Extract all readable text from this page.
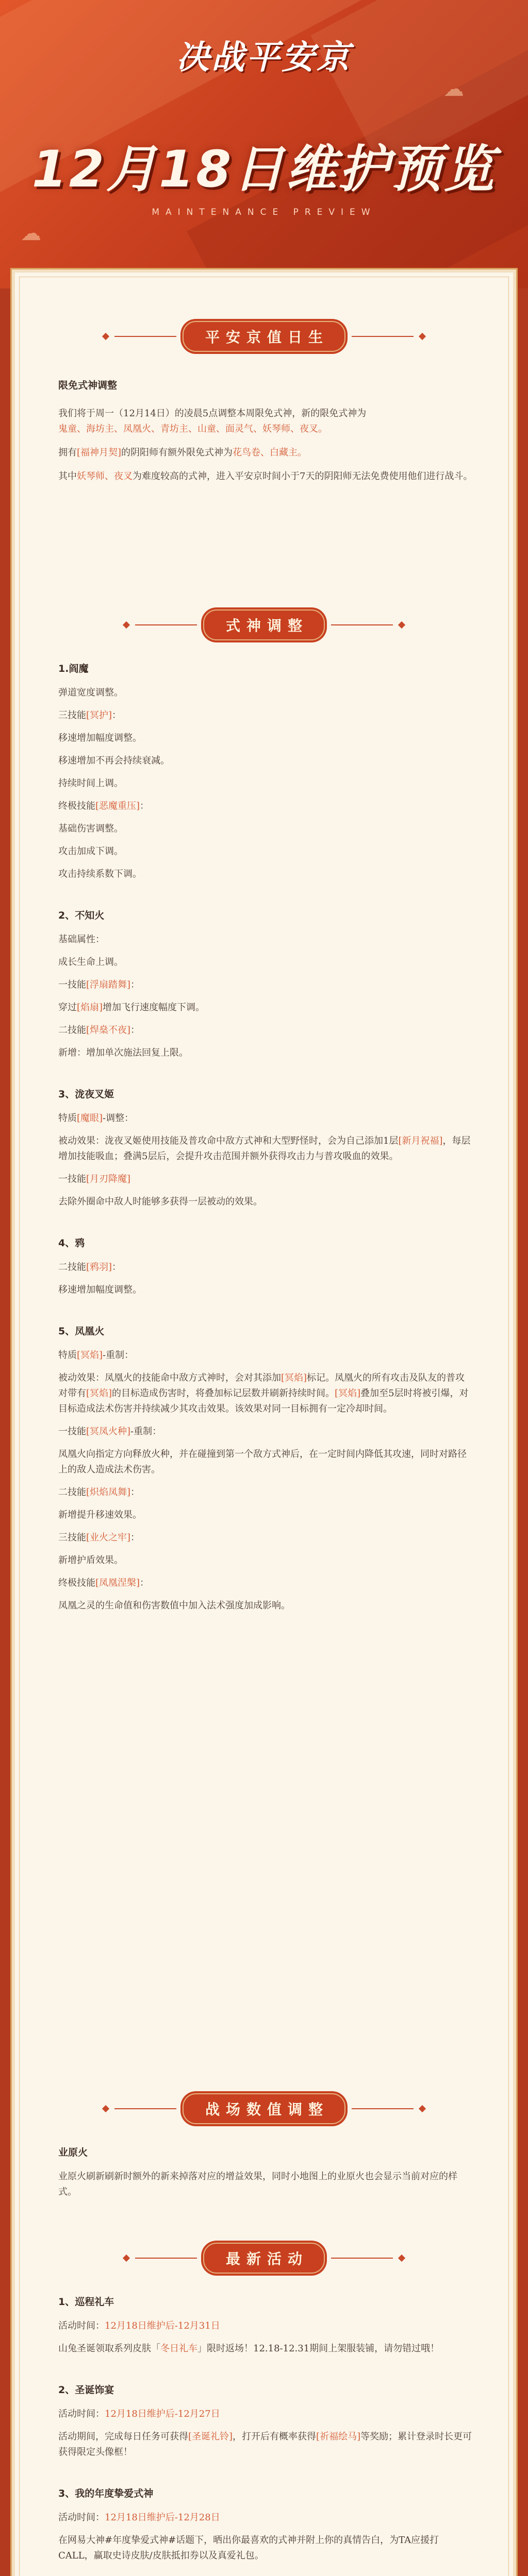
☁
☁
决战平安京
12月18日维护预览
MAINTENANCE PREVIEW
平安京值日生
限免式神调整
我们将于周一（12月14日）的凌晨5点调整本周限免式神，新的限免式神为
鬼童、海坊主、凤凰火、青坊主、山童、面灵气、妖琴师、夜叉。
拥有[福神月契]的阴阳师有额外限免式神为花鸟卷、白藏主。
其中妖琴师、夜叉为难度较高的式神，进入平安京时间小于7天的阴阳师无法免费使用他们进行战斗。
式神调整
1.阎魔
弹道宽度调整。
三技能[冥护]：
移速增加幅度调整。
移速增加不再会持续衰减。
持续时间上调。
终极技能[恶魔重压]：
基础伤害调整。
攻击加成下调。
攻击持续系数下调。
2、不知火
基础属性：
成长生命上调。
一技能[浮扇踏舞]：
穿过[焰扇]增加飞行速度幅度下调。
二技能[焊燊不夜]：
新增：增加单次施法回复上限。
3、泷夜叉姬
特质[魔眼]-调整：
被动效果：泷夜叉姬使用技能及普攻命中敌方式神和大型野怪时，会为自己添加1层[新月祝福]，每层增加技能吸血；叠满5层后，会提升攻击范围并额外获得攻击力与普攻吸血的效果。
一技能[月刃降魔]
去除外圈命中敌人时能够多获得一层被动的效果。
4、鸦
二技能[鸦羽]：
移速增加幅度调整。
5、凤凰火
特质[冥焰]-重制：
被动效果：凤凰火的技能命中敌方式神时，会对其添加[冥焰]标记。凤凰火的所有攻击及队友的普攻对带有[冥焰]的目标造成伤害时，将叠加标记层数并刷新持续时间。[冥焰]叠加至5层时将被引爆，对目标造成法术伤害并持续减少其攻击效果。该效果对同一目标拥有一定冷却时间。
一技能[冥凤火种]-重制：
凤凰火向指定方向释放火种，并在碰撞到第一个敌方式神后，在一定时间内降低其攻速，同时对路径上的敌人造成法术伤害。
二技能[炽焰凤舞]：
新增提升移速效果。
三技能[业火之牢]：
新增护盾效果。
终极技能[凤凰涅槃]：
凤凰之灵的生命值和伤害数值中加入法术强度加成影响。
战场数值调整
业原火
业原火刷新刷新时额外的新来掉落对应的增益效果，同时小地图上的业原火也会显示当前对应的样式。
最新活动
1、巡程礼车
活动时间：12月18日维护后-12月31日
山兔圣诞领取系列皮肤「冬日礼车」限时返场！12.18-12.31期间上架服装铺，请勿错过哦！
2、圣诞饰宴
活动时间：12月18日维护后-12月27日
活动期间，完成每日任务可获得[圣诞礼铃]，打开后有概率获得[祈福绘马]等奖励；累计登录时长更可获得限定头像框！
3、我的年度挚爱式神
活动时间：12月18日维护后-12月28日
在网易大神#年度挚爱式神#话题下，晒出你最喜欢的式神并附上你的真情告白，为TA应援打CALL，赢取史诗皮肤/皮肤抵扣券以及真爱礼包。
